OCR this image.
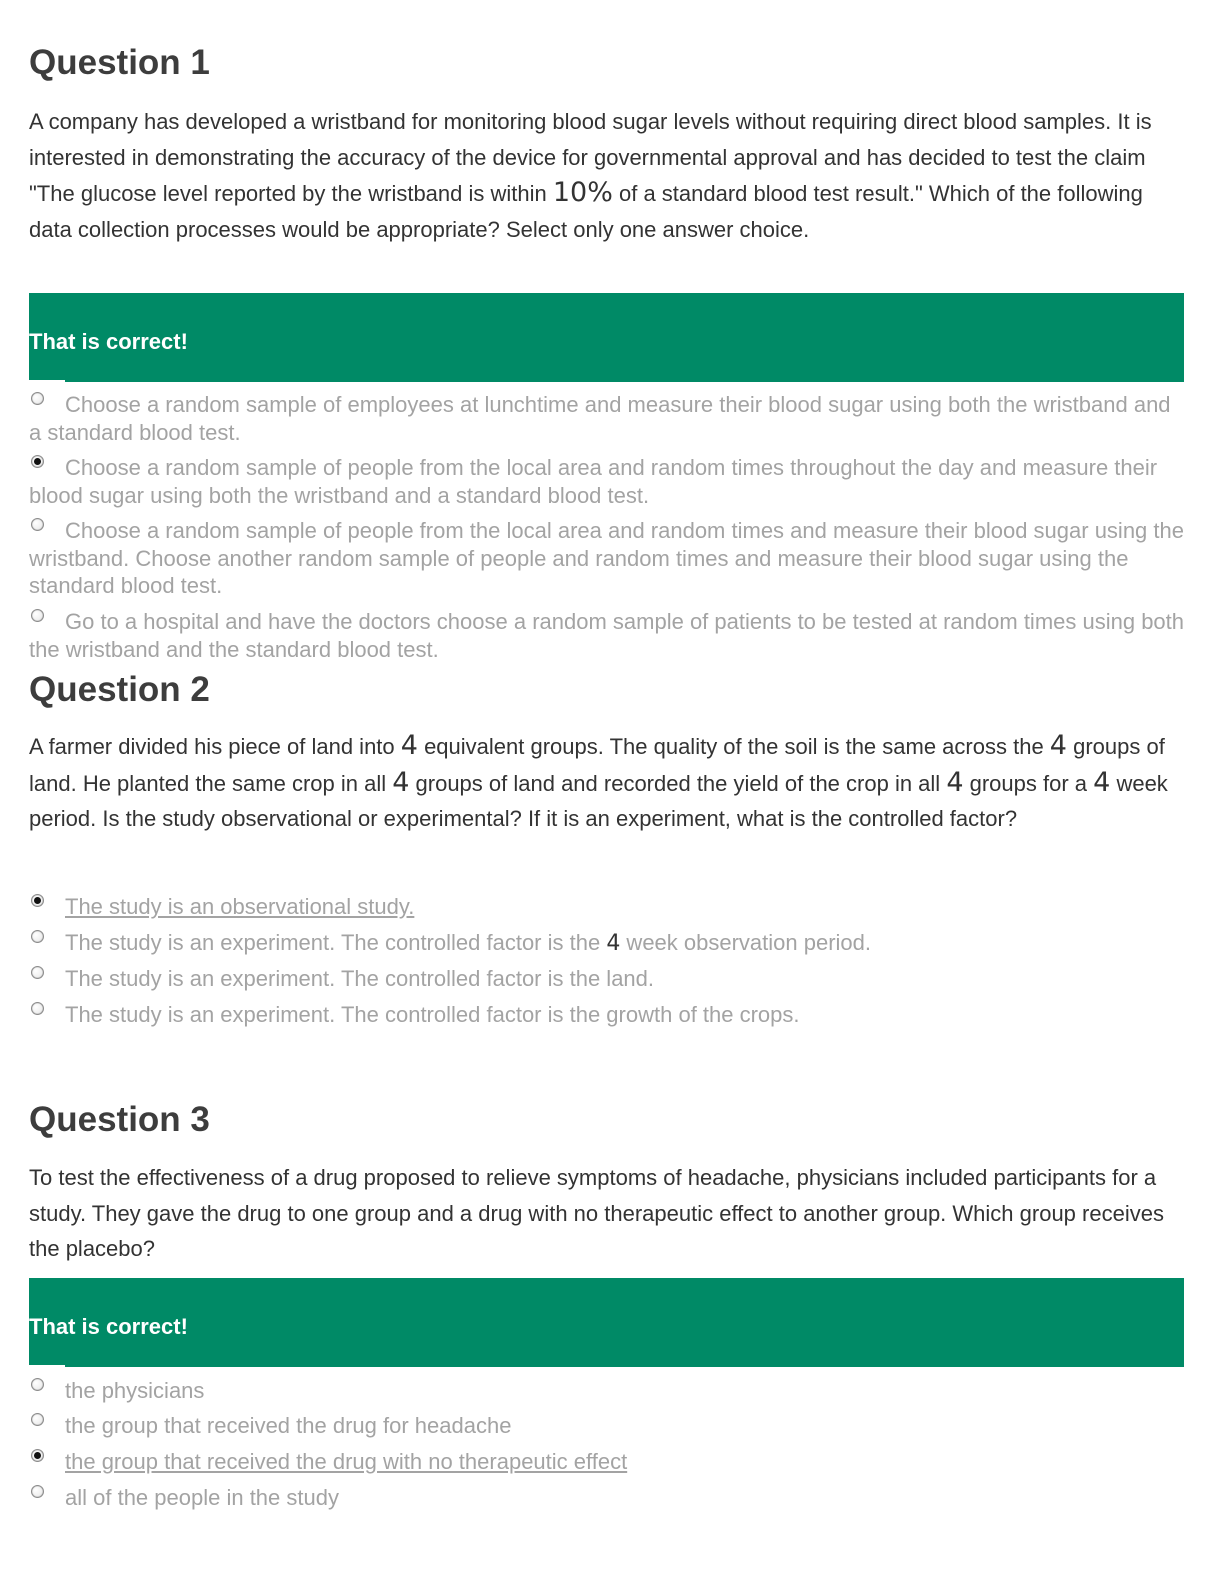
Question 1

A company has developed a wristband for monitoring blood sugar levels without requiring direct blood samples. It is interested in demonstrating the accuracy of the device for governmental approval and has decided to test the claim "The glucose level reported by the wristband is within 10% of a standard blood test result." Which of the following data collection processes would be appropriate? Select only one answer choice.

That is correct!
Choose a random sample of employees at lunchtime and measure their blood sugar using both the wristband and a standard blood test.
Choose a random sample of people from the local area and random times throughout the day and measure their blood sugar using both the wristband and a standard blood test.
Choose a random sample of people from the local area and random times and measure their blood sugar using the wristband. Choose another random sample of people and random times and measure their blood sugar using the standard blood test.
Go to a hospital and have the doctors choose a random sample of patients to be tested at random times using both the wristband and the standard blood test.
Question 2

A farmer divided his piece of land into 4 equivalent groups. The quality of the soil is the same across the 4 groups of land. He planted the same crop in all 4 groups of land and recorded the yield of the crop in all 4 groups for a 4 week period. Is the study observational or experimental? If it is an experiment, what is the controlled factor?

The study is an observational study.
The study is an experiment. The controlled factor is the 4 week observation period.
The study is an experiment. The controlled factor is the land.
The study is an experiment. The controlled factor is the growth of the crops.
Question 3

To test the effectiveness of a drug proposed to relieve symptoms of headache, physicians included participants for a study. They gave the drug to one group and a drug with no therapeutic effect to another group. Which group receives the placebo?

That is correct!
the physicians
the group that received the drug for headache
the group that received the drug with no therapeutic effect
all of the people in the study
